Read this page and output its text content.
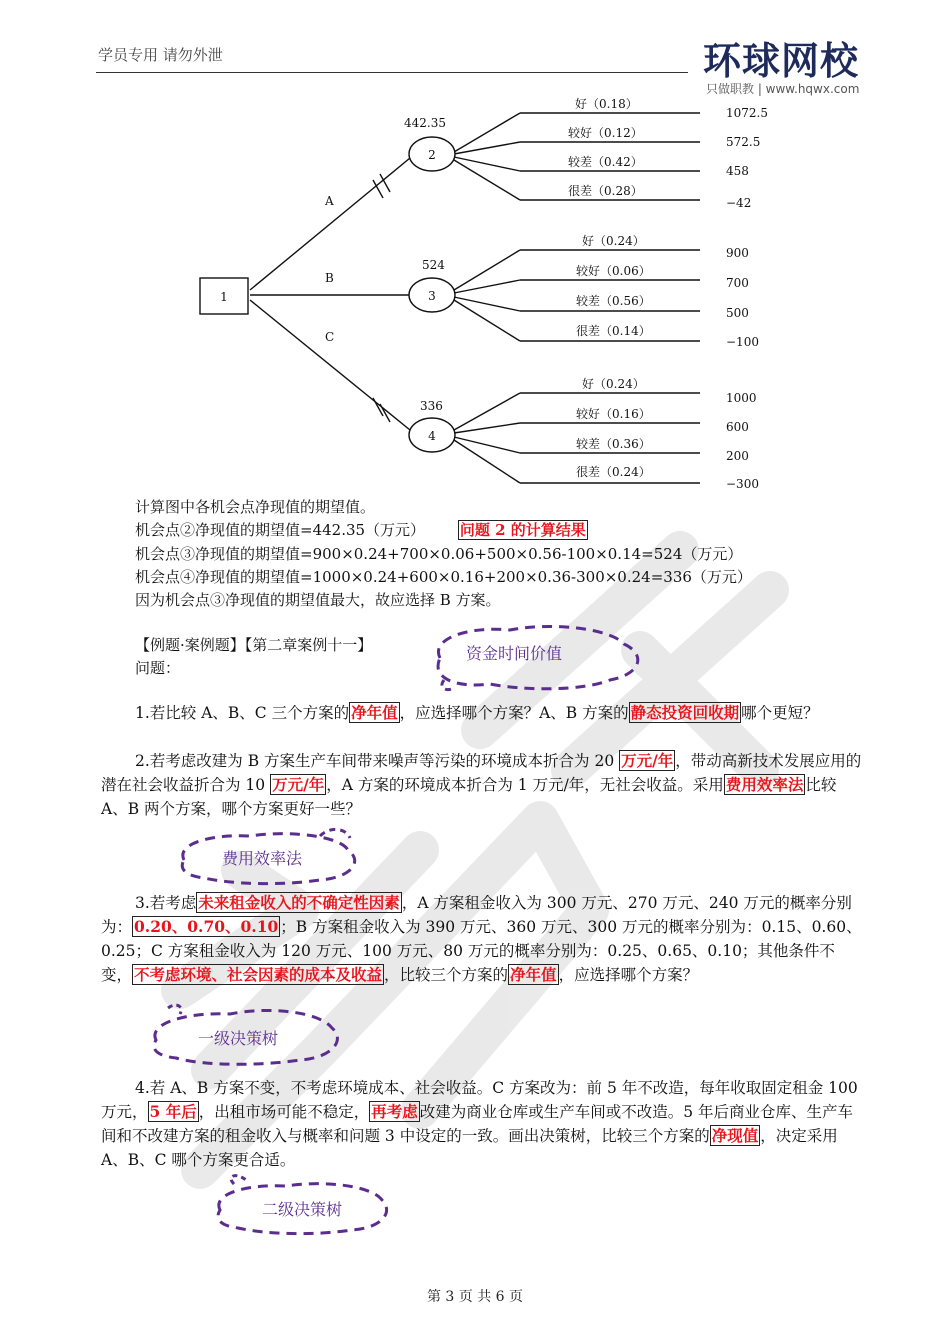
学员专用 请勿外泄	环球网校
只做职教 | www.hqwx.com
1
2
3
4
442.35
524
336
A
B
C
好（0.18）
较好（0.12）
较差（0.42）
很差（0.28）
1072.5
572.5
458
−42
好（0.24）
较好（0.06）
较差（0.56）
很差（0.14）
900
700
500
−100
好（0.24）
较好（0.16）
较差（0.36）
很差（0.24）
1000
600
200
−300
计算图中各机会点净现值的期望值。
机会点②净现值的期望值=442.35（万元） 问题 2 的计算结果
机会点③净现值的期望值=900×0.24+700×0.06+500×0.56-100×0.14=524（万元）
机会点④净现值的期望值=1000×0.24+600×0.16+200×0.36-300×0.24=336（万元）
因为机会点③净现值的期望值最大，故应选择 B 方案。
【例题·案例题】【第二章案例十一】
问题：
资金时间价值
费用效率法
一级决策树
二级决策树
1.若比较 A、B、C 三个方案的 净年值 ，应选择哪个方案？A、B 方案的 静态投资回收期 哪个更短？
2.若考虑改建为 B 方案生产车间带来噪声等污染的环境成本折合为 20 万元/年 ，带动高新技术发展应用的潜在社会收益折合为 10 万元/年 ，A 方案的环境成本折合为 1 万元/年，无社会收益。采用 费用效率法 比较 A、B 两个方案，哪个方案更好一些？
3.若考虑 未来租金收入的不确定性因素 ，A 方案租金收入为 300 万元、270 万元、240 万元的概率分别为： 0.20、0.70、0.10 ；B 方案租金收入为 390 万元、360 万元、300 万元的概率分别为：0.15、0.60、0.25；C 方案租金收入为 120 万元、100 万元、80 万元的概率分别为：0.25、0.65、0.10；其他条件不变， 不考虑环境、社会因素的成本及收益 ，比较三个方案的 净年值 ，应选择哪个方案？
4.若 A、B 方案不变，不考虑环境成本、社会收益。C 方案改为：前 5 年不改造，每年收取固定租金 100 万元， 5 年后 ，出租市场可能不稳定， 再考虑 改建为商业仓库或生产车间或不改造。5 年后商业仓库、生产车间和不改建方案的租金收入与概率和问题 3 中设定的一致。画出决策树，比较三个方案的 净现值 ，决定采用 A、B、C 哪个方案更合适。
第 3 页 共 6 页
